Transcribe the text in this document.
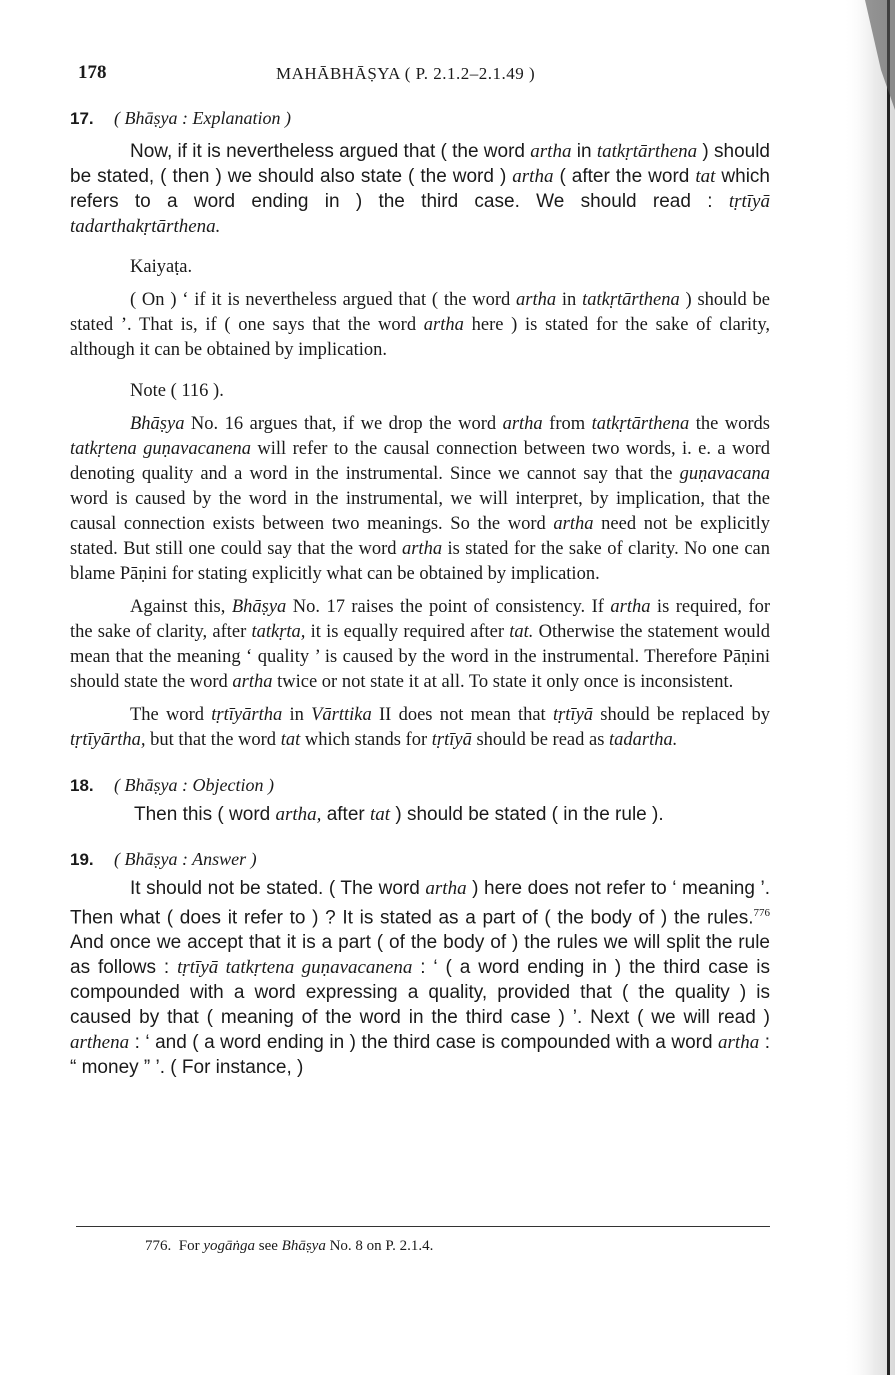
178	MAHĀBHĀṢYA ( P. 2.1.2–2.1.49 )
17.	( Bhāṣya : Explanation )

Now, if it is nevertheless argued that ( the word artha in tatkṛtārthena ) should be stated, ( then ) we should also state ( the word ) artha ( after the word tat which refers to a word ending in ) the third case. We should read : tṛtīyā tadarthakṛtārthena.

Kaiyaṭa.

( On ) ‘ if it is nevertheless argued that ( the word artha in tatkṛtārthena ) should be stated ’. That is, if ( one says that the word artha here ) is stated for the sake of clarity, although it can be obtained by implication.

Note ( 116 ).

Bhāṣya No. 16 argues that, if we drop the word artha from tatkṛtārthena the words tatkṛtena guṇavacanena will refer to the causal connection between two words, i. e. a word denoting quality and a word in the instrumental. Since we cannot say that the guṇavacana word is caused by the word in the instrumental, we will interpret, by implication, that the causal connection exists between two meanings. So the word artha need not be explicitly stated. But still one could say that the word artha is stated for the sake of clarity. No one can blame Pāṇini for stating explicitly what can be obtained by implication.

Against this, Bhāṣya No. 17 raises the point of consistency. If artha is required, for the sake of clarity, after tatkṛta, it is equally required after tat. Otherwise the statement would mean that the meaning ‘ quality ’ is caused by the word in the instrumental. Therefore Pāṇini should state the word artha twice or not state it at all. To state it only once is inconsistent.

The word tṛtīyārtha in Vārttika II does not mean that tṛtīyā should be replaced by tṛtīyārtha, but that the word tat which stands for tṛtīyā should be read as tadartha.

18.	( Bhāṣya : Objection )

Then this ( word artha, after tat ) should be stated ( in the rule ).

19.	( Bhāṣya : Answer )

It should not be stated. ( The word artha ) here does not refer to ‘ meaning ’. Then what ( does it refer to ) ? It is stated as a part of ( the body of ) the rules.$^{776}$ And once we accept that it is a part ( of the body of ) the rules we will split the rule as follows : tṛtīyā tatkṛtena guṇavacanena : ‘ ( a word ending in ) the third case is compounded with a word expressing a quality, provided that ( the quality ) is caused by that ( meaning of the word in the third case ) ’. Next ( we will read ) arthena : ‘ and ( a word ending in ) the third case is compounded with a word artha : “ money ” ’. ( For instance, )

776. For yogāṅga see Bhāṣya No. 8 on P. 2.1.4.
